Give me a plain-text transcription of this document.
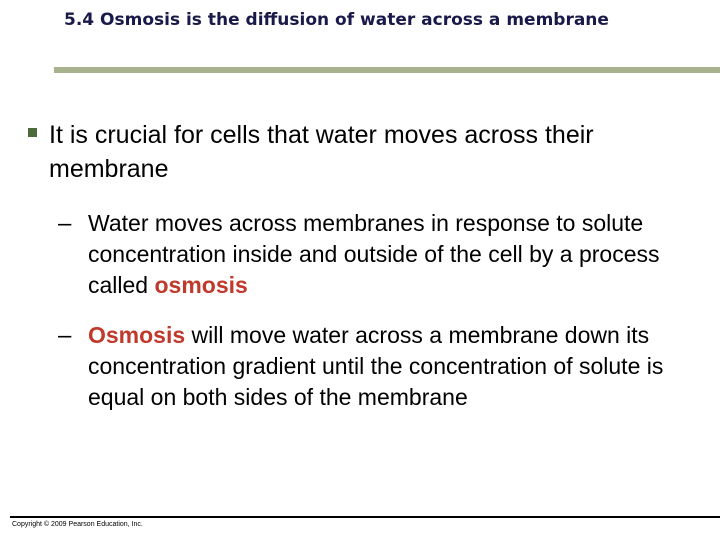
5.4 Osmosis is the diffusion of water across a membrane
It is crucial for cells that water moves across their membrane
– Water moves across membranes in response to solute concentration inside and outside of the cell by a process called osmosis
– Osmosis will move water across a membrane down its concentration gradient until the concentration of solute is equal on both sides of the membrane
Copyright © 2009 Pearson Education, Inc.
